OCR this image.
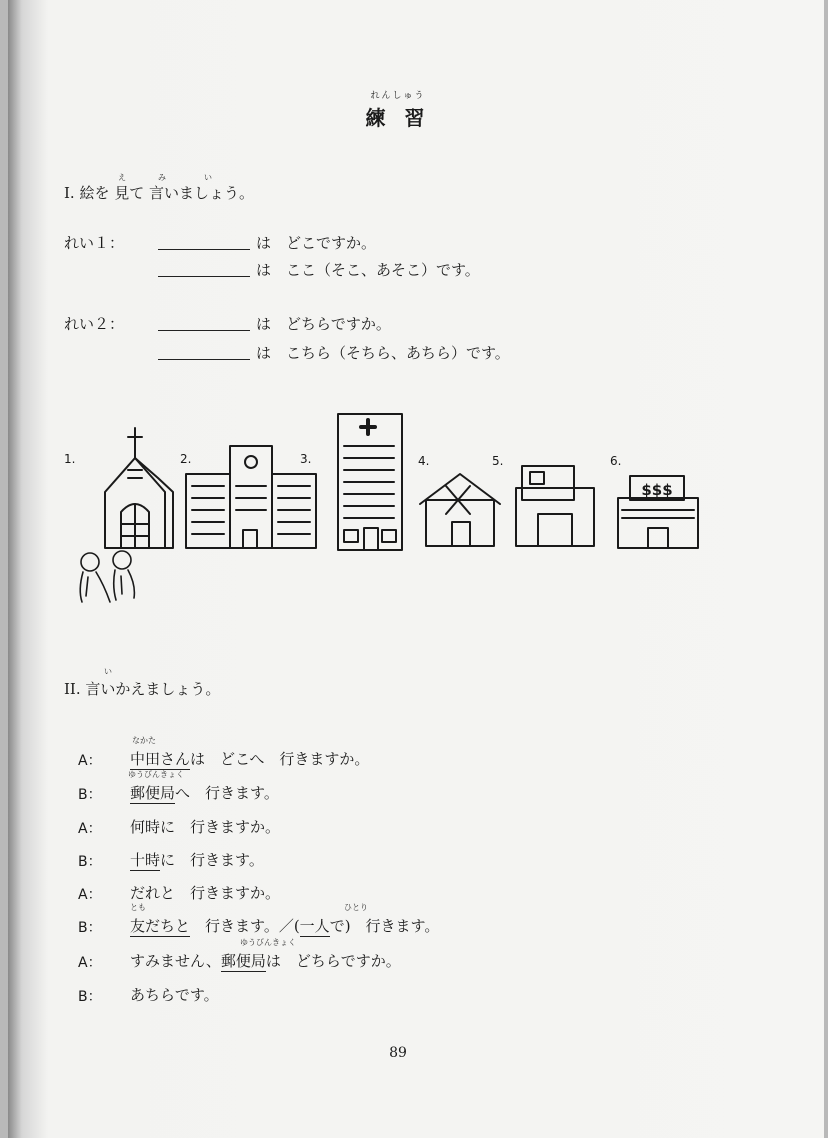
れんしゅう
練 習
え	み	い
I. 絵を 見て 言いましょう。
れい１：	は　どこですか。
は　ここ（そこ、あそこ）です。
れい２：	は　どちらですか。
は　こちら（そちら、あちら）です。
1.	2.	3.	4.	5.	6.
$$$
い
II. 言いかえましょう。
なかた
A： 中田さんは　どこへ　行きますか。
ゆうびんきょく
B： 郵便局へ　行きます。
A： 何時に　行きますか。
B： 十時に　行きます。
A： だれと　行きますか。
とも	ひとり
B： 友だちと　行きます。／(一人で)　行きます。
ゆうびんきょく
A： すみません、郵便局は　どちらですか。
B： あちらです。
89
